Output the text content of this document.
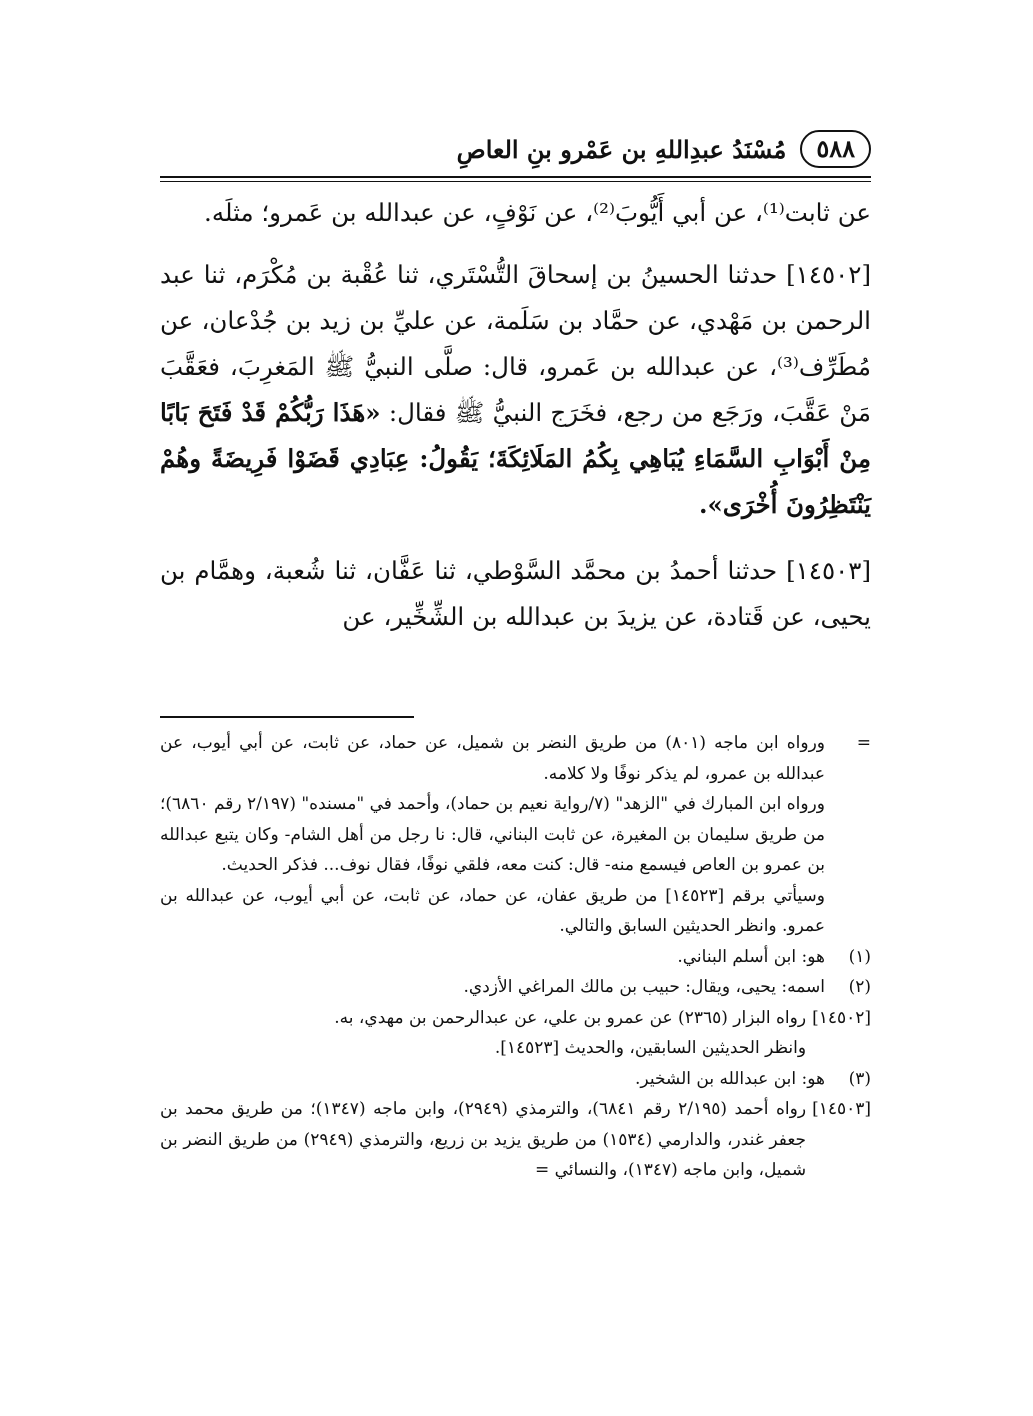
٥٨٨
مُسْنَدُ عبدِاللهِ بن عَمْرو بنِ العاصِ

عن ثابت⁽¹⁾، عن أبي أَيُّوبَ⁽²⁾، عن نَوْفٍ، عن عبدالله بن عَمرو؛ مثلَه.

[١٤٥٠٢] حدثنا الحسينُ بن إسحاقَ التُّسْتَري، ثنا عُقْبة بن مُكْرَم، ثنا عبد الرحمن بن مَهْدي، عن حمَّاد بن سَلَمة، عن عليِّ بن زيد بن جُدْعان، عن مُطَرِّف⁽³⁾، عن عبدالله بن عَمرو، قال: صلَّى النبيُّ ﷺ المَغرِبَ، فعَقَّبَ مَنْ عَقَّبَ، ورَجَع من رجع، فخَرَج النبيُّ ﷺ فقال: «هَذَا رَبُّكُمْ قَدْ فَتَحَ بَابًا مِنْ أَبْوَابِ السَّمَاءِ يُبَاهِي بِكُمُ المَلَائِكَةَ؛ يَقُولُ: عِبَادِي قَضَوْا فَرِيضَةً وهُمْ يَنْتَظِرُونَ أُخْرَى».

[١٤٥٠٣] حدثنا أحمدُ بن محمَّد السَّوْطي، ثنا عَفَّان، ثنا شُعبة، وهمَّام بن يحيى، عن قَتادة، عن يزيدَ بن عبدالله بن الشِّخِّير، عن

=

ورواه ابن ماجه (٨٠١) من طريق النضر بن شميل، عن حماد، عن ثابت، عن أبي أيوب، عن عبدالله بن عمرو، لم يذكر نوفًا ولا كلامه.

ورواه ابن المبارك في "الزهد" (٧/رواية نعيم بن حماد)، وأحمد في "مسنده" (٢/١٩٧ رقم ٦٨٦٠)؛ من طريق سليمان بن المغيرة، عن ثابت البناني، قال: نا رجل من أهل الشام- وكان يتبع عبدالله بن عمرو بن العاص فيسمع منه- قال: كنت معه، فلقي نوفًا، فقال نوف... فذكر الحديث.

وسيأتي برقم [١٤٥٢٣] من طريق عفان، عن حماد، عن ثابت، عن أبي أيوب، عن عبدالله بن عمرو. وانظر الحديثين السابق والتالي.

(١)

هو: ابن أسلم البناني.

(٢)

اسمه: يحيى، ويقال: حبيب بن مالك المراغي الأزدي.

[١٤٥٠٢]

رواه البزار (٢٣٦٥) عن عمرو بن علي، عن عبدالرحمن بن مهدي، به.

وانظر الحديثين السابقين، والحديث [١٤٥٢٣].

(٣)

هو: ابن عبدالله بن الشخير.

[١٤٥٠٣]

رواه أحمد (٢/١٩٥ رقم ٦٨٤١)، والترمذي (٢٩٤٩)، وابن ماجه (١٣٤٧)؛ من طريق محمد بن جعفر غندر، والدارمي (١٥٣٤) من طريق يزيد بن زريع، والترمذي (٢٩٤٩) من طريق النضر بن شميل، وابن ماجه (١٣٤٧)، والنسائي =
